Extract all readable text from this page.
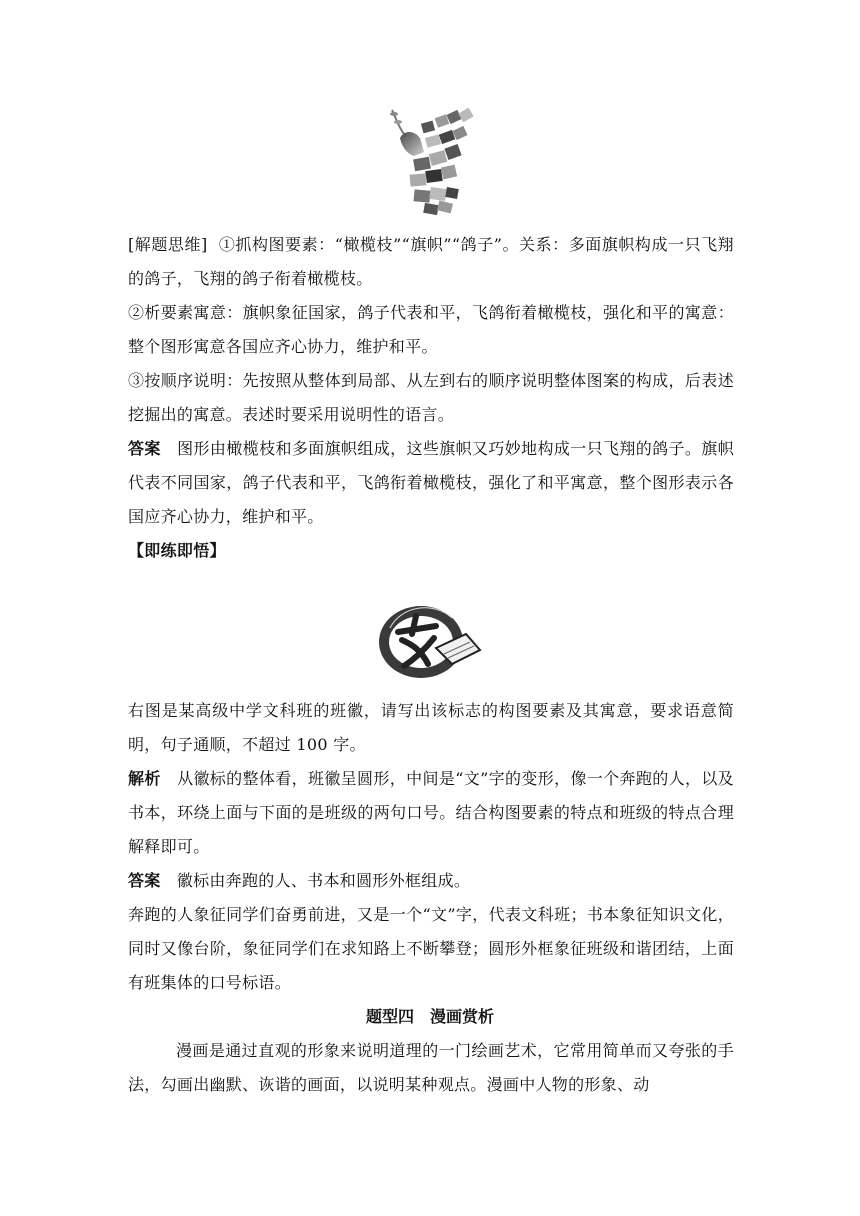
[解题思维] ①抓构图要素：“橄榄枝”“旗帜”“鸽子”。关系：多面旗帜构成一只飞翔的鸽子，飞翔的鸽子衔着橄榄枝。
②析要素寓意：旗帜象征国家，鸽子代表和平，飞鸽衔着橄榄枝，强化和平的寓意：整个图形寓意各国应齐心协力，维护和平。
③按顺序说明：先按照从整体到局部、从左到右的顺序说明整体图案的构成，后表述挖掘出的寓意。表述时要采用说明性的语言。
答案 图形由橄榄枝和多面旗帜组成，这些旗帜又巧妙地构成一只飞翔的鸽子。旗帜代表不同国家，鸽子代表和平，飞鸽衔着橄榄枝，强化了和平寓意，整个图形表示各国应齐心协力，维护和平。
【即练即悟】
右图是某高级中学文科班的班徽，请写出该标志的构图要素及其寓意，要求语意简明，句子通顺，不超过 100 字。
解析 从徽标的整体看，班徽呈圆形，中间是“文”字的变形，像一个奔跑的人，以及书本，环绕上面与下面的是班级的两句口号。结合构图要素的特点和班级的特点合理解释即可。
答案 徽标由奔跑的人、书本和圆形外框组成。
奔跑的人象征同学们奋勇前进，又是一个“文”字，代表文科班；书本象征知识文化，同时又像台阶，象征同学们在求知路上不断攀登；圆形外框象征班级和谐团结，上面有班集体的口号标语。
题型四　漫画赏析
漫画是通过直观的形象来说明道理的一门绘画艺术，它常用简单而又夸张的手法，勾画出幽默、诙谐的画面，以说明某种观点。漫画中人物的形象、动
